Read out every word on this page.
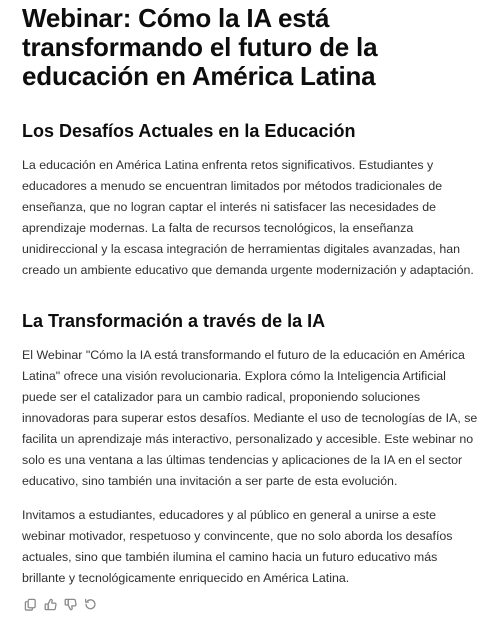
Webinar: Cómo la IA está transformando el futuro de la educación en América Latina
Los Desafíos Actuales en la Educación

La educación en América Latina enfrenta retos significativos. Estudiantes y educadores a menudo se encuentran limitados por métodos tradicionales de enseñanza, que no logran captar el interés ni satisfacer las necesidades de aprendizaje modernas. La falta de recursos tecnológicos, la enseñanza unidireccional y la escasa integración de herramientas digitales avanzadas, han creado un ambiente educativo que demanda urgente modernización y adaptación.

La Transformación a través de la IA

El Webinar "Cómo la IA está transformando el futuro de la educación en América Latina" ofrece una visión revolucionaria. Explora cómo la Inteligencia Artificial puede ser el catalizador para un cambio radical, proponiendo soluciones innovadoras para superar estos desafíos. Mediante el uso de tecnologías de IA, se facilita un aprendizaje más interactivo, personalizado y accesible. Este webinar no solo es una ventana a las últimas tendencias y aplicaciones de la IA en el sector educativo, sino también una invitación a ser parte de esta evolución.

Invitamos a estudiantes, educadores y al público en general a unirse a este webinar motivador, respetuoso y convincente, que no solo aborda los desafíos actuales, sino que también ilumina el camino hacia un futuro educativo más brillante y tecnológicamente enriquecido en América Latina.
